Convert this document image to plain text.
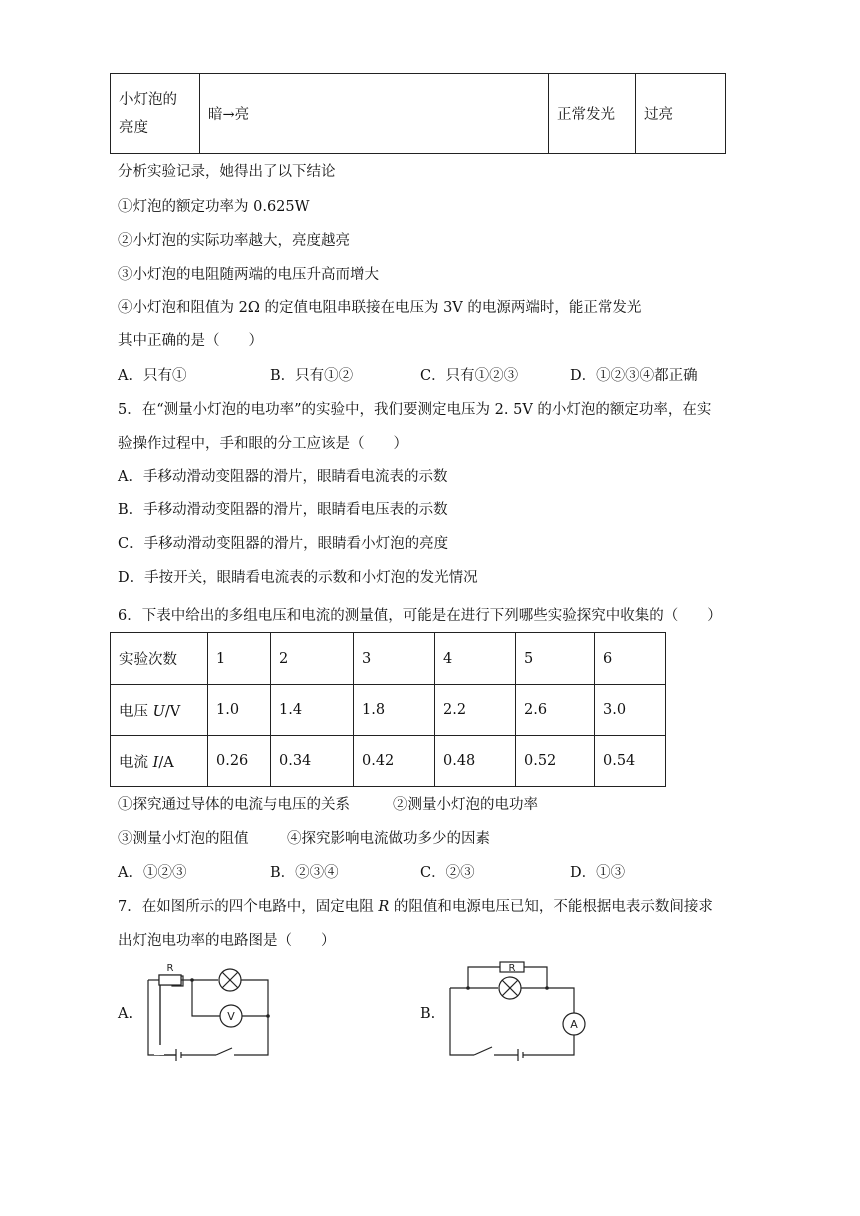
小灯泡的
亮度	暗→亮	正常发光	过亮
分析实验记录，她得出了以下结论
①灯泡的额定功率为 0.625W
②小灯泡的实际功率越大，亮度越亮
③小灯泡的电阻随两端的电压升高而增大
④小灯泡和阻值为 2Ω 的定值电阻串联接在电压为 3V 的电源两端时，能正常发光
其中正确的是（　　）
A．只有①	B．只有①②	C．只有①②③	D．①②③④都正确
5．在“测量小灯泡的电功率”的实验中，我们要测定电压为 2. 5V 的小灯泡的额定功率，在实
验操作过程中，手和眼的分工应该是（　　）
A．手移动滑动变阻器的滑片，眼睛看电流表的示数
B．手移动滑动变阻器的滑片，眼睛看电压表的示数
C．手移动滑动变阻器的滑片，眼睛看小灯泡的亮度
D．手按开关，眼睛看电流表的示数和小灯泡的发光情况
6．下表中给出的多组电压和电流的测量值，可能是在进行下列哪些实验探究中收集的（　　）
实验次数	1	2	3	4	5	6
电压 U/V	1.0	1.4	1.8	2.2	2.6	3.0
电流 I/A	0.26	0.34	0.42	0.48	0.52	0.54
①探究通过导体的电流与电压的关系	②测量小灯泡的电功率
③测量小灯泡的阻值	④探究影响电流做功多少的因素
A．①②③	B．②③④	C．②③	D．①③
7．在如图所示的四个电路中，固定电阻 R 的阻值和电源电压已知，不能根据电表示数间接求
出灯泡电功率的电路图是（　　）
A.
R
V	B.
R
A
